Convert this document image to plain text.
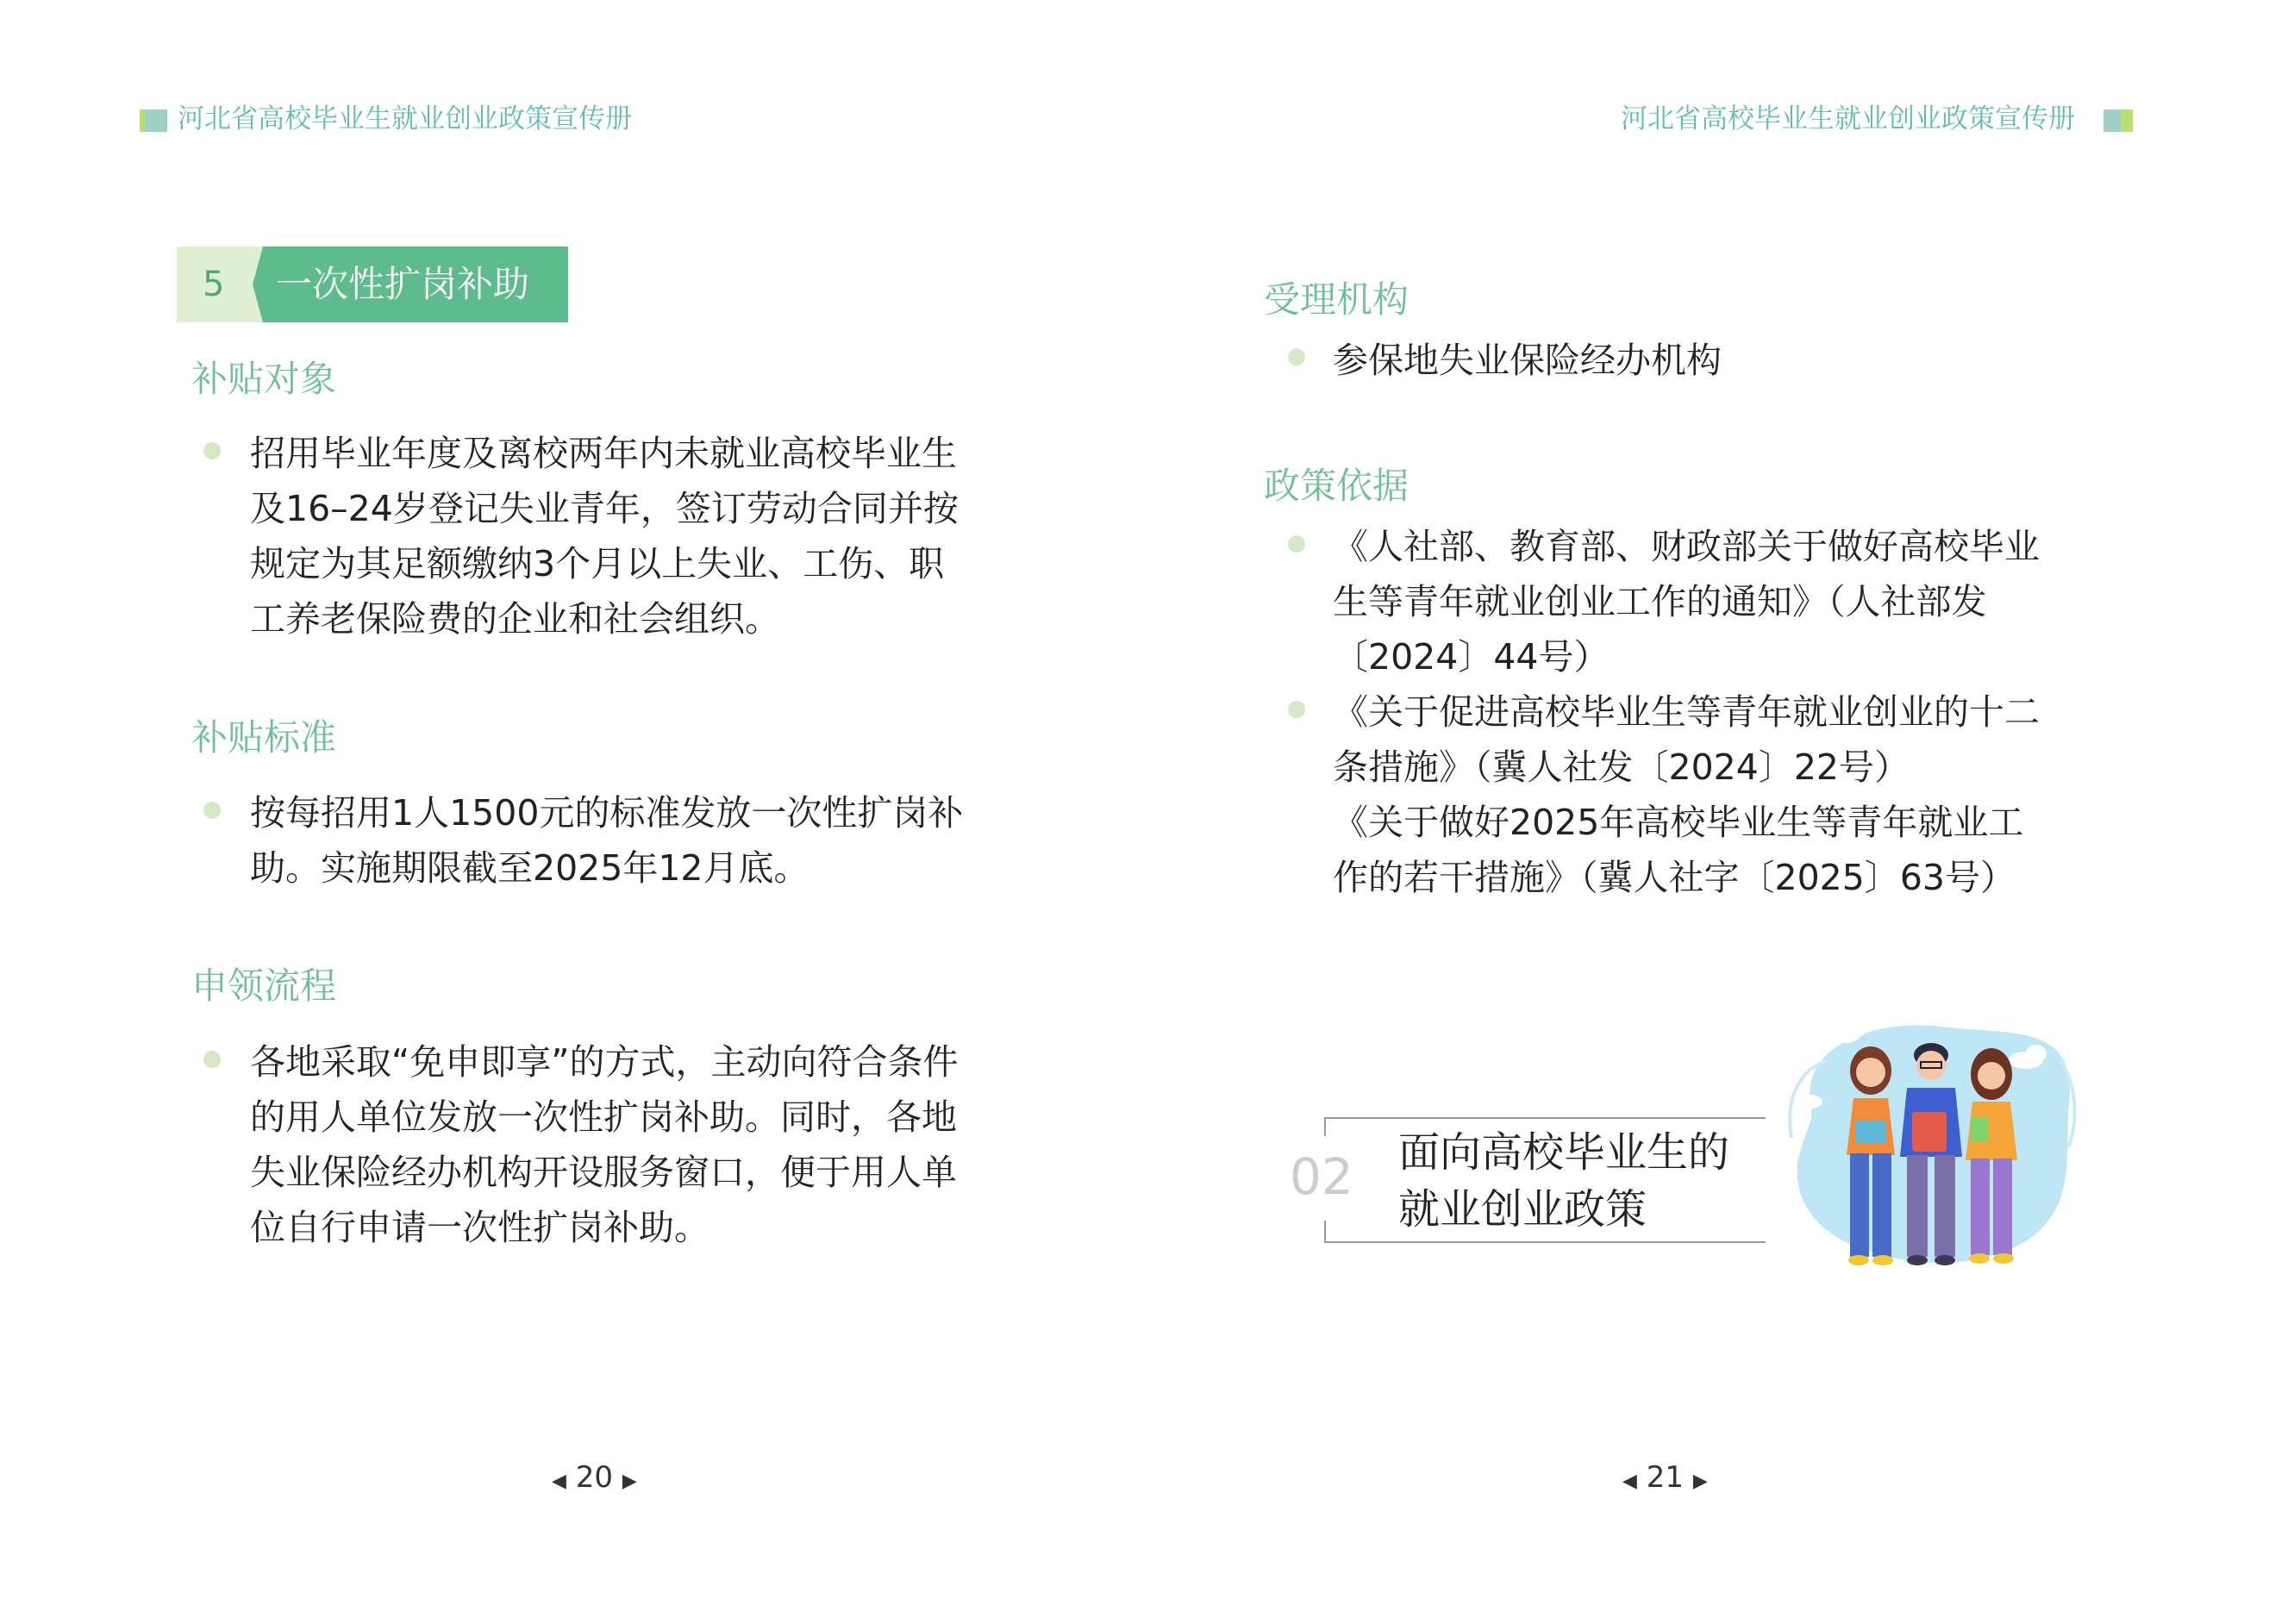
河北省高校毕业生就业创业政策宣传册	河北省高校毕业生就业创业政策宣传册
5 一次性扩岗补助
补贴对象
招用毕业年度及离校两年内未就业高校毕业生
及16–24岁登记失业青年，签订劳动合同并按
规定为其足额缴纳3个月以上失业、工伤、职
工养老保险费的企业和社会组织。
补贴标准
按每招用1人1500元的标准发放一次性扩岗补
助。实施期限截至2025年12月底。
申领流程
各地采取“免申即享”的方式，主动向符合条件
的用人单位发放一次性扩岗补助。同时，各地
失业保险经办机构开设服务窗口，便于用人单
位自行申请一次性扩岗补助。
◀ 20 ▶
受理机构
参保地失业保险经办机构
政策依据
《人社部、教育部、财政部关于做好高校毕业
生等青年就业创业工作的通知》（人社部发
〔2024〕44号）
《关于促进高校毕业生等青年就业创业的十二
条措施》（冀人社发〔2024〕22号）
《关于做好2025年高校毕业生等青年就业工
作的若干措施》（冀人社字〔2025〕63号）
02 面向高校毕业生的
就业创业政策
◀ 21 ▶
